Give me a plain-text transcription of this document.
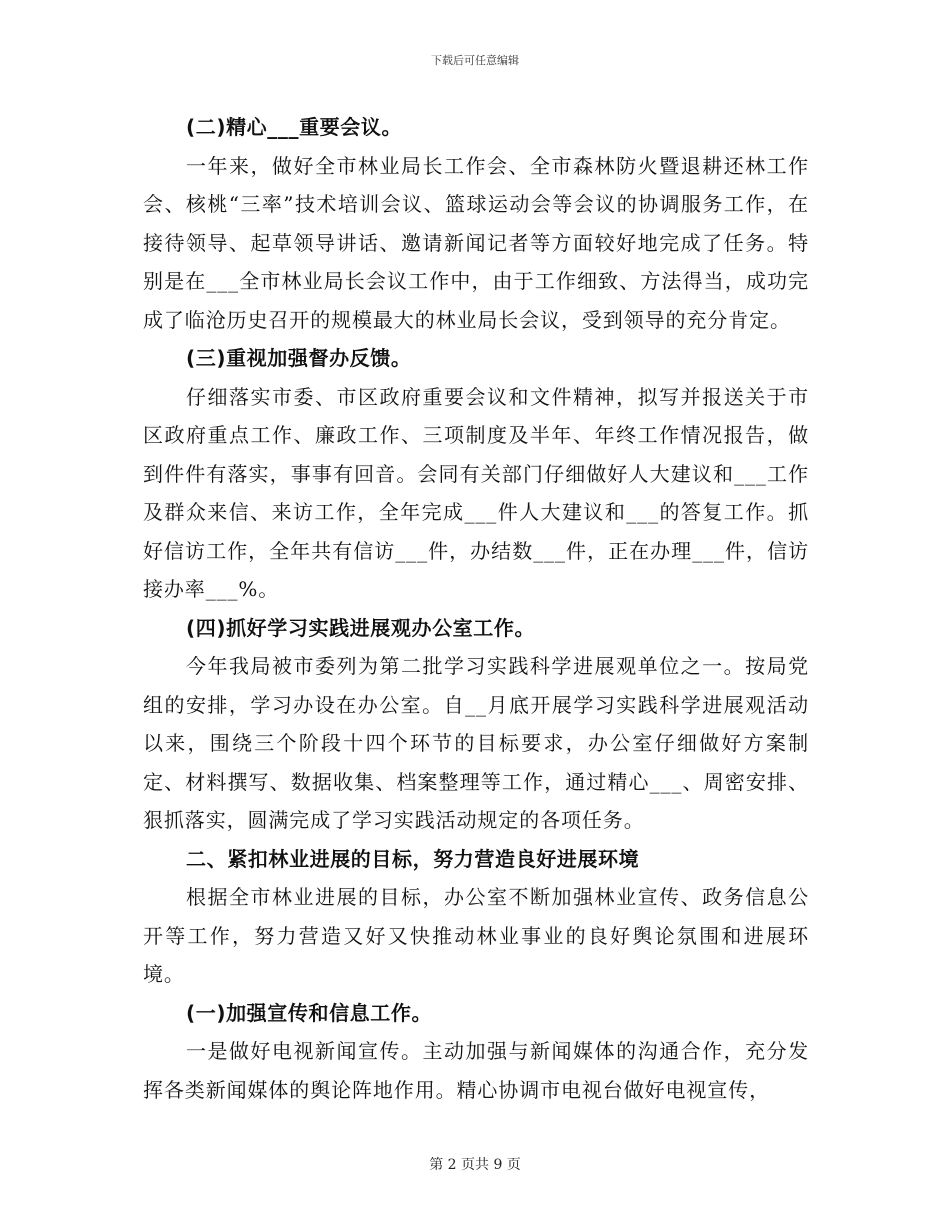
下载后可任意编辑

(二)精心___重要会议。

一年来，做好全市林业局长工作会、全市森林防火暨退耕还林工作会、核桃“三率”技术培训会议、篮球运动会等会议的协调服务工作，在接待领导、起草领导讲话、邀请新闻记者等方面较好地完成了任务。特别是在___全市林业局长会议工作中，由于工作细致、方法得当，成功完成了临沧历史召开的规模最大的林业局长会议，受到领导的充分肯定。

(三)重视加强督办反馈。

仔细落实市委、市区政府重要会议和文件精神，拟写并报送关于市区政府重点工作、廉政工作、三项制度及半年、年终工作情况报告，做到件件有落实，事事有回音。会同有关部门仔细做好人大建议和___工作及群众来信、来访工作，全年完成___件人大建议和___的答复工作。抓好信访工作，全年共有信访___件，办结数___件，正在办理___件，信访接办率___%。

(四)抓好学习实践进展观办公室工作。

今年我局被市委列为第二批学习实践科学进展观单位之一。按局党组的安排，学习办设在办公室。自__月底开展学习实践科学进展观活动以来，围绕三个阶段十四个环节的目标要求，办公室仔细做好方案制定、材料撰写、数据收集、档案整理等工作，通过精心___、周密安排、狠抓落实，圆满完成了学习实践活动规定的各项任务。

二、紧扣林业进展的目标，努力营造良好进展环境

根据全市林业进展的目标，办公室不断加强林业宣传、政务信息公开等工作，努力营造又好又快推动林业事业的良好舆论氛围和进展环境。

(一)加强宣传和信息工作。

一是做好电视新闻宣传。主动加强与新闻媒体的沟通合作，充分发挥各类新闻媒体的舆论阵地作用。精心协调市电视台做好电视宣传，

第 2 页共 9 页
